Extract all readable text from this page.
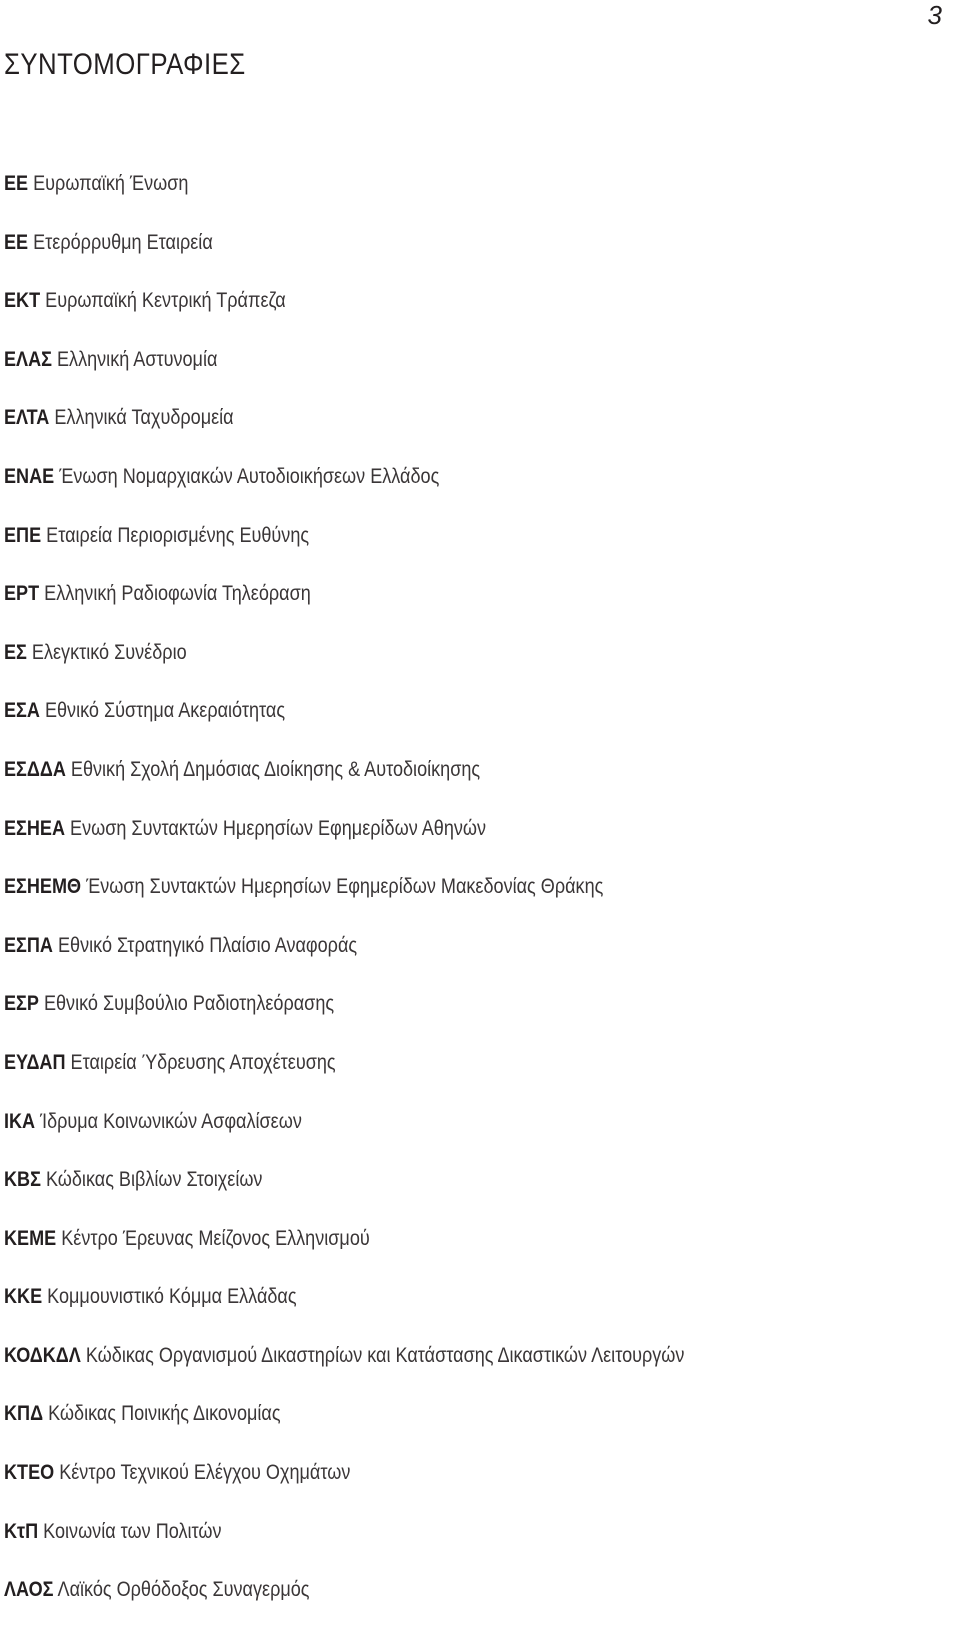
3
ΣΥΝΤΟΜΟΓΡΑΦΙΕΣ
ΕΕ Ευρωπαϊκή Ένωση
ΕΕ Ετερόρρυθμη Εταιρεία
ΕΚΤ Ευρωπαϊκή Κεντρική Τράπεζα
ΕΛΑΣ Ελληνική Αστυνομία
ΕΛΤΑ Ελληνικά Ταχυδρομεία
ΕΝΑΕ Ένωση Νομαρχιακών Αυτοδιοικήσεων Ελλάδος
ΕΠΕ Εταιρεία Περιορισμένης Ευθύνης
ΕΡΤ Ελληνική Ραδιοφωνία Τηλεόραση
ΕΣ Ελεγκτικό Συνέδριο
ΕΣΑ Εθνικό Σύστημα Ακεραιότητας
ΕΣΔΔΑ Εθνική Σχολή Δημόσιας Διοίκησης & Αυτοδιοίκησης
ΕΣΗΕΑ Ενωση Συντακτών Ημερησίων Εφημερίδων Αθηνών
ΕΣΗΕΜΘ Ένωση Συντακτών Ημερησίων Εφημερίδων Μακεδονίας Θράκης
ΕΣΠΑ Εθνικό Στρατηγικό Πλαίσιο Αναφοράς
ΕΣΡ Εθνικό Συμβούλιο Ραδιοτηλεόρασης
ΕΥΔΑΠ Εταιρεία Ύδρευσης Αποχέτευσης
ΙΚΑ Ίδρυμα Κοινωνικών Ασφαλίσεων
ΚΒΣ Κώδικας Βιβλίων Στοιχείων
ΚΕΜΕ Κέντρο Έρευνας Μείζονος Ελληνισμού
ΚΚΕ Κομμουνιστικό Κόμμα Ελλάδας
ΚΟΔΚΔΛ Κώδικας Οργανισμού Δικαστηρίων και Κατάστασης Δικαστικών Λειτουργών
ΚΠΔ Κώδικας Ποινικής Δικονομίας
ΚΤΕΟ Κέντρο Τεχνικού Ελέγχου Οχημάτων
ΚτΠ Κοινωνία των Πολιτών
ΛΑΟΣ Λαϊκός Ορθόδοξος Συναγερμός
